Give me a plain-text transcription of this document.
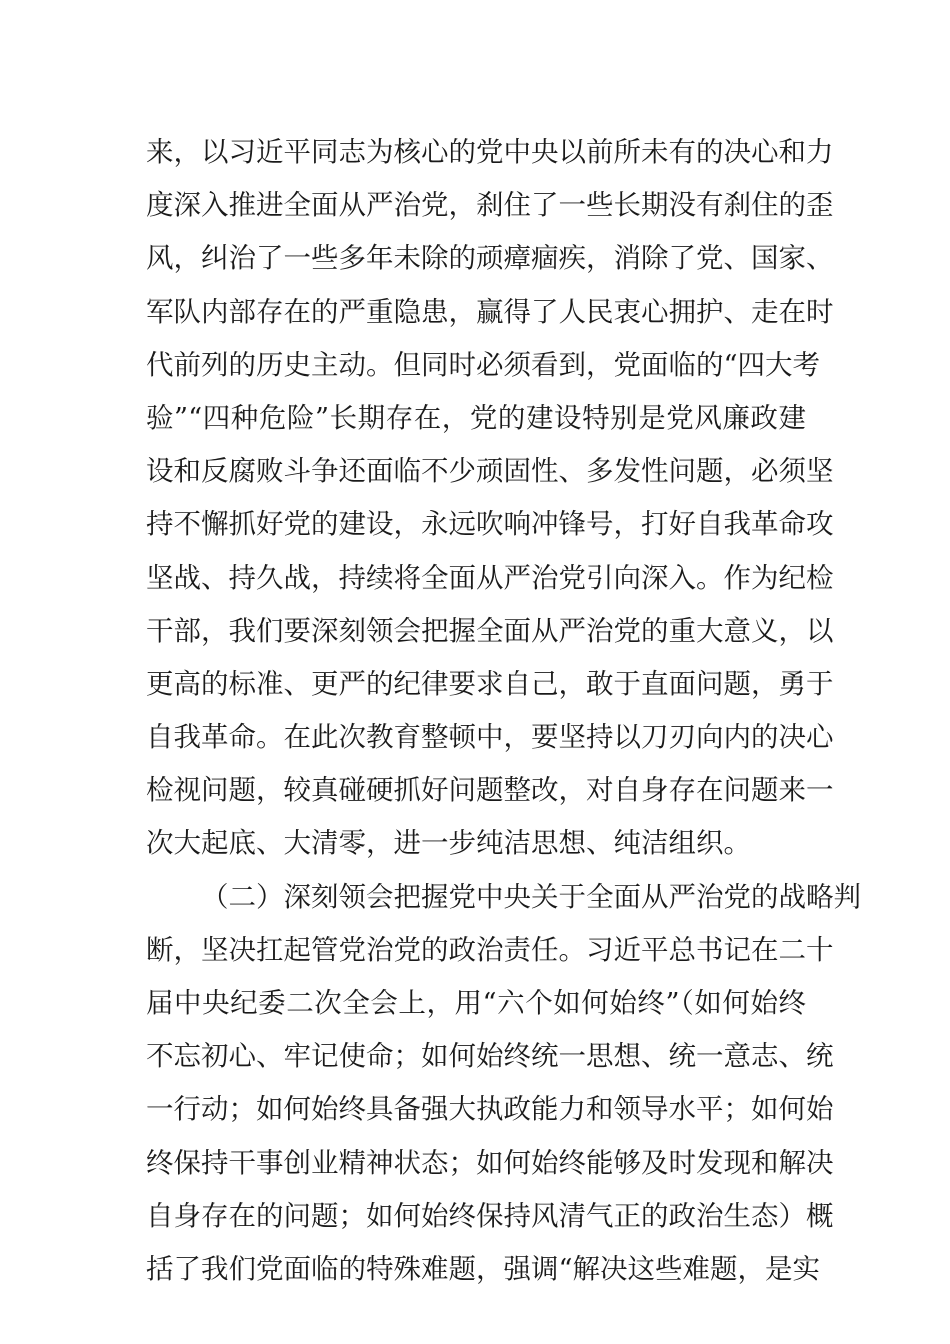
来，以习近平同志为核心的党中央以前所未有的决心和力
度深入推进全面从严治党，刹住了一些长期没有刹住的歪
风，纠治了一些多年未除的顽瘴痼疾，消除了党、国家、
军队内部存在的严重隐患，赢得了人民衷心拥护、走在时
代前列的历史主动。但同时必须看到，党面临的“四大考
验”“四种危险”长期存在，党的建设特别是党风廉政建
设和反腐败斗争还面临不少顽固性、多发性问题，必须坚
持不懈抓好党的建设，永远吹响冲锋号，打好自我革命攻
坚战、持久战，持续将全面从严治党引向深入。作为纪检
干部，我们要深刻领会把握全面从严治党的重大意义，以
更高的标准、更严的纪律要求自己，敢于直面问题，勇于
自我革命。在此次教育整顿中，要坚持以刀刃向内的决心
检视问题，较真碰硬抓好问题整改，对自身存在问题来一
次大起底、大清零，进一步纯洁思想、纯洁组织。
（二）深刻领会把握党中央关于全面从严治党的战略判
断，坚决扛起管党治党的政治责任。习近平总书记在二十
届中央纪委二次全会上，用“六个如何始终”（如何始终
不忘初心、牢记使命；如何始终统一思想、统一意志、统
一行动；如何始终具备强大执政能力和领导水平；如何始
终保持干事创业精神状态；如何始终能够及时发现和解决
自身存在的问题；如何始终保持风清气正的政治生态）概
括了我们党面临的特殊难题，强调“解决这些难题，是实
